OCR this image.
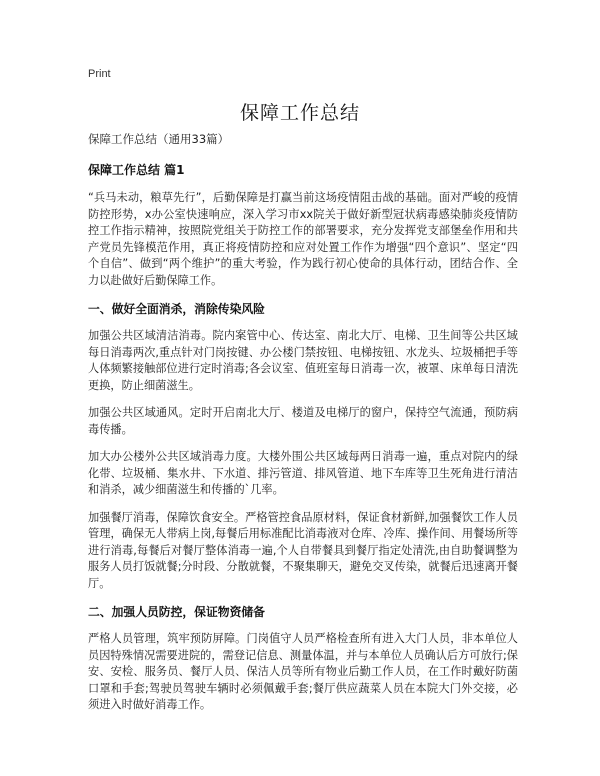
Print
保障工作总结

保障工作总结（通用33篇）

保障工作总结 篇1

“兵马未动，粮草先行”，后勤保障是打赢当前这场疫情阻击战的基础。面对严峻的疫情防控形势，x办公室快速响应，深入学习市xx院关于做好新型冠状病毒感染肺炎疫情防控工作指示精神，按照院党组关于防控工作的部署要求，充分发挥党支部堡垒作用和共产党员先锋模范作用，真正将疫情防控和应对处置工作作为增强“四个意识”、坚定“四个自信”、做到“两个维护”的重大考验，作为践行初心使命的具体行动，团结合作、全力以赴做好后勤保障工作。

一、做好全面消杀，消除传染风险

加强公共区域清洁消毒。院内案管中心、传达室、南北大厅、电梯、卫生间等公共区域每日消毒两次,重点针对门岗按键、办公楼门禁按钮、电梯按钮、水龙头、垃圾桶把手等人体频繁接触部位进行定时消毒;各会议室、值班室每日消毒一次，被罩、床单每日清洗更换，防止细菌滋生。

加强公共区域通风。定时开启南北大厅、楼道及电梯厅的窗户，保持空气流通，预防病毒传播。

加大办公楼外公共区域消毒力度。大楼外围公共区域每两日消毒一遍，重点对院内的绿化带、垃圾桶、集水井、下水道、排污管道、排风管道、地下车库等卫生死角进行清洁和消杀，减少细菌滋生和传播的`几率。

加强餐厅消毒，保障饮食安全。严格管控食品原材料，保证食材新鲜,加强餐饮工作人员管理，确保无人带病上岗,每餐后用标准配比消毒液对仓库、冷库、操作间、用餐场所等进行消毒,每餐后对餐厅整体消毒一遍,个人自带餐具到餐厅指定处清洗,由自助餐调整为服务人员打饭就餐;分时段、分散就餐，不聚集聊天，避免交叉传染，就餐后迅速离开餐厅。

二、加强人员防控，保证物资储备

严格人员管理，筑牢预防屏障。门岗值守人员严格检查所有进入大门人员，非本单位人员因特殊情况需要进院的，需登记信息、测量体温，并与本单位人员确认后方可放行;保安、安检、服务员、餐厅人员、保洁人员等所有物业后勤工作人员，在工作时戴好防菌口罩和手套;驾驶员驾驶车辆时必须佩戴手套;餐厅供应蔬菜人员在本院大门外交接，必须进入时做好消毒工作。
